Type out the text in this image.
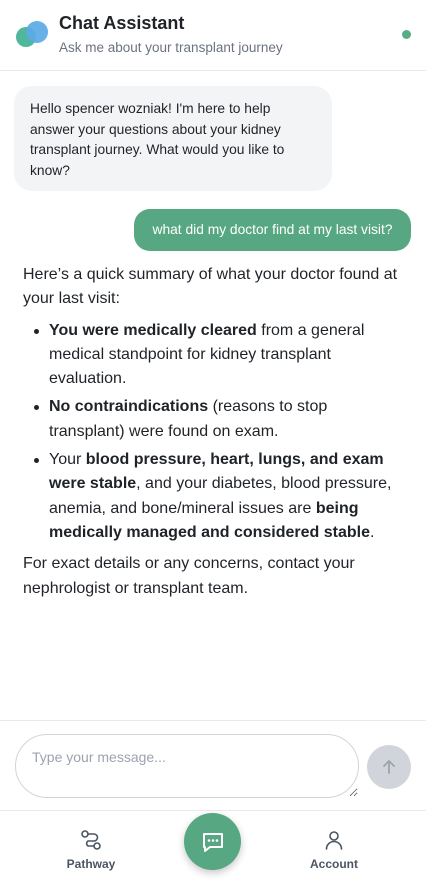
Chat Assistant
Ask me about your transplant journey
Hello spencer wozniak! I'm here to help answer your questions about your kidney transplant journey. What would you like to know?
what did my doctor find at my last visit?

Here’s a quick summary of what your doctor found at your last visit:

You were medically cleared from a general medical standpoint for kidney transplant evaluation.
No contraindications (reasons to stop transplant) were found on exam.
Your blood pressure, heart, lungs, and exam were stable, and your diabetes, blood pressure, anemia, and bone/mineral issues are being medically managed and considered stable.

For exact details or any concerns, contact your nephrologist or transplant team.

Type your message...
Pathway	Account
